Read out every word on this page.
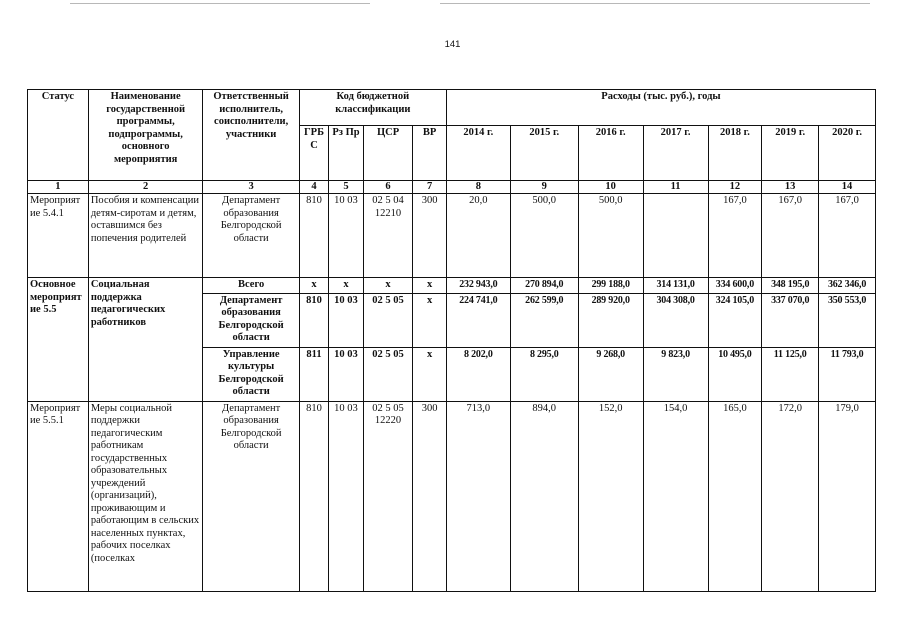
141
Статус	Наименование государственной программы, подпрограммы, основного мероприятия	Ответственный исполнитель, соисполнители, участники	Код бюджетной классификации				Расходы (тыс. руб.), годы						
			ГРБ С	Рз Пр	ЦСР	ВР	2014 г.	2015 г.	2016 г.	2017 г.	2018 г.	2019 г.	2020 г.
1	2	3	4	5	6	7	8	9	10	11	12	13	14
Мероприятие 5.4.1	Пособия и компенсации детям-сиротам и детям, оставшимся без попечения родителей	Департамент образования Белгородской области	810	10 03	02 5 04 12210	300	20,0	500,0	500,0		167,0	167,0	167,0
Основное мероприятие 5.5	Социальная поддержка педагогических работников	Всего	x	x	x	x	232 943,0	270 894,0	299 188,0	314 131,0	334 600,0	348 195,0	362 346,0
		Департамент образования Белгородской области	810	10 03	02 5 05	x	224 741,0	262 599,0	289 920,0	304 308,0	324 105,0	337 070,0	350 553,0
		Управление культуры Белгородской области	811	10 03	02 5 05	x	8 202,0	8 295,0	9 268,0	9 823,0	10 495,0	11 125,0	11 793,0
Мероприятие 5.5.1	Меры социальной поддержки педагогическим работникам государственных образовательных учреждений (организаций), проживающим и работающим в сельских населенных пунктах, рабочих поселках (поселках	Департамент образования Белгородской области	810	10 03	02 5 05 12220	300	713,0	894,0	152,0	154,0	165,0	172,0	179,0
